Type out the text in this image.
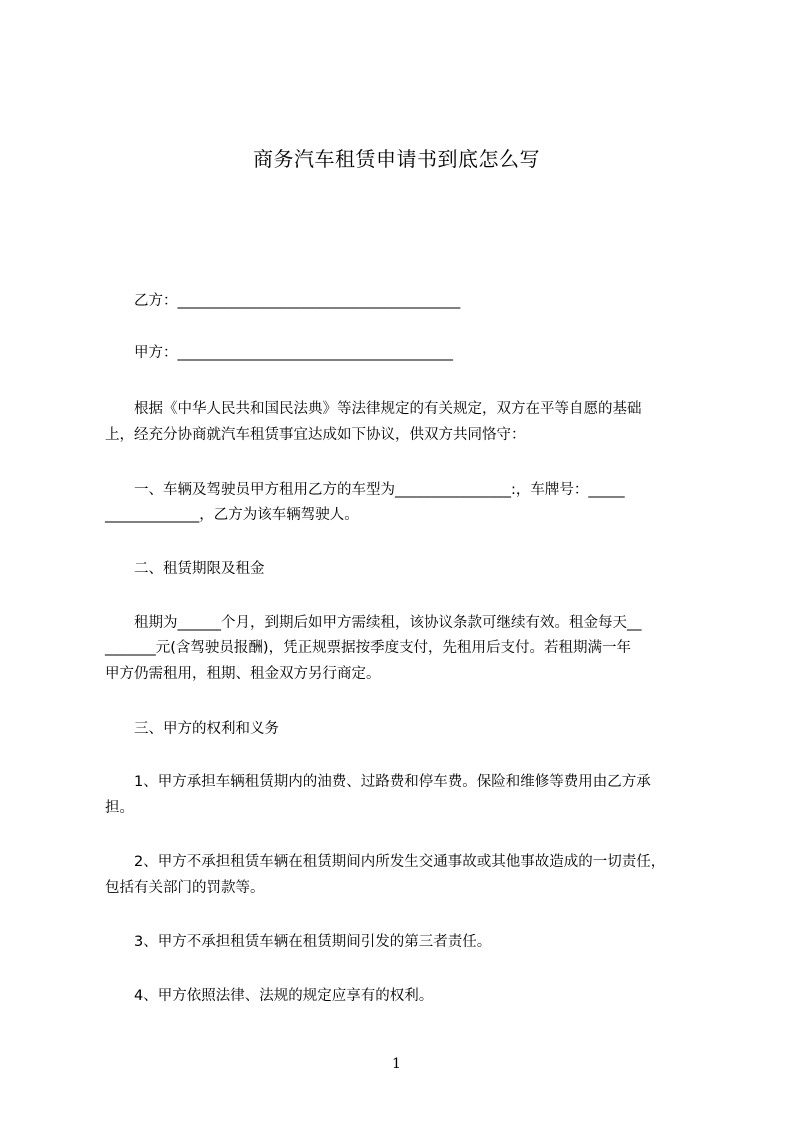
商务汽车租赁申请书到底怎么写
乙方：_______________________________________
甲方：______________________________________
根据《中华人民共和国民法典》等法律规定的有关规定，双方在平等自愿的基础
上，经充分协商就汽车租赁事宜达成如下协议，供双方共同恪守：
一、车辆及驾驶员甲方租用乙方的车型为________________:，车牌号：_____
_____________，乙方为该车辆驾驶人。
二、租赁期限及租金
租期为______个月，到期后如甲方需续租，该协议条款可继续有效。租金每天__
_______元(含驾驶员报酬)，凭正规票据按季度支付，先租用后支付。若租期满一年
甲方仍需租用，租期、租金双方另行商定。
三、甲方的权利和义务
1、甲方承担车辆租赁期内的油费、过路费和停车费。保险和维修等费用由乙方承
担。
2、甲方不承担租赁车辆在租赁期间内所发生交通事故或其他事故造成的一切责任，
包括有关部门的罚款等。
3、甲方不承担租赁车辆在租赁期间引发的第三者责任。
4、甲方依照法律、法规的规定应享有的权利。
1
